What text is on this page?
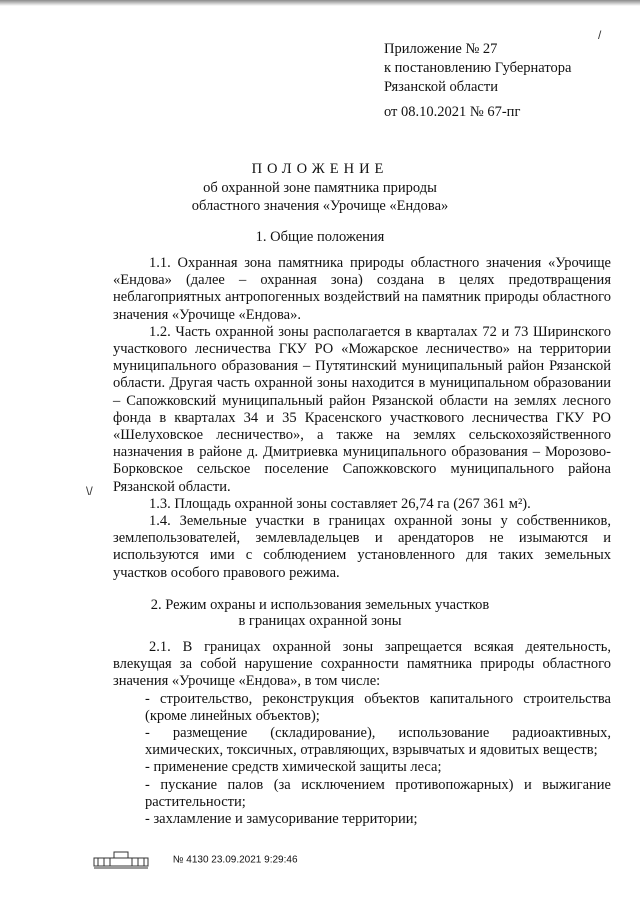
Приложение № 27
к постановлению Губернатора
Рязанской области
от 08.10.2021 № 67-пг
ПОЛОЖЕНИЕ
об охранной зоне памятника природы
областного значения «Урочище «Ендова»
1. Общие положения

1.1. Охранная зона памятника природы областного значения «Урочище «Ендова» (далее – охранная зона) создана в целях предотвращения неблагоприятных антропогенных воздействий на памятник природы областного значения «Урочище «Ендова».

1.2. Часть охранной зоны располагается в кварталах 72 и 73 Ширинского участкового лесничества ГКУ РО «Можарское лесничество» на территории муниципального образования – Путятинский муниципальный район Рязанской области. Другая часть охранной зоны находится в муниципальном образовании – Сапожковский муниципальный район Рязанской области на землях лесного фонда в кварталах 34 и 35 Красенского участкового лесничества ГКУ РО «Шелуховское лесничество», а также на землях сельскохозяйственного назначения в районе д. Дмитриевка муниципального образования – Морозово-Борковское сельское поселение Сапожковского муниципального района Рязанской области.

1.3. Площадь охранной зоны составляет 26,74 га (267 361 м²).

1.4. Земельные участки в границах охранной зоны у собственников, землепользователей, землевладельцев и арендаторов не изымаются и используются ими с соблюдением установленного для таких земельных участков особого правового режима.

2. Режим охраны и использования земельных участков
в границах охранной зоны

2.1. В границах охранной зоны запрещается всякая деятельность, влекущая за собой нарушение сохранности памятника природы областного значения «Урочище «Ендова», в том числе:

- строительство, реконструкция объектов капитального строительства (кроме линейных объектов);

- размещение (складирование), использование радиоактивных, химических, токсичных, отравляющих, взрывчатых и ядовитых веществ;

- применение средств химической защиты леса;

- пускание палов (за исключением противопожарных) и выжигание растительности;

- захламление и замусоривание территории;

\/
/
№ 4130 23.09.2021 9:29:46
